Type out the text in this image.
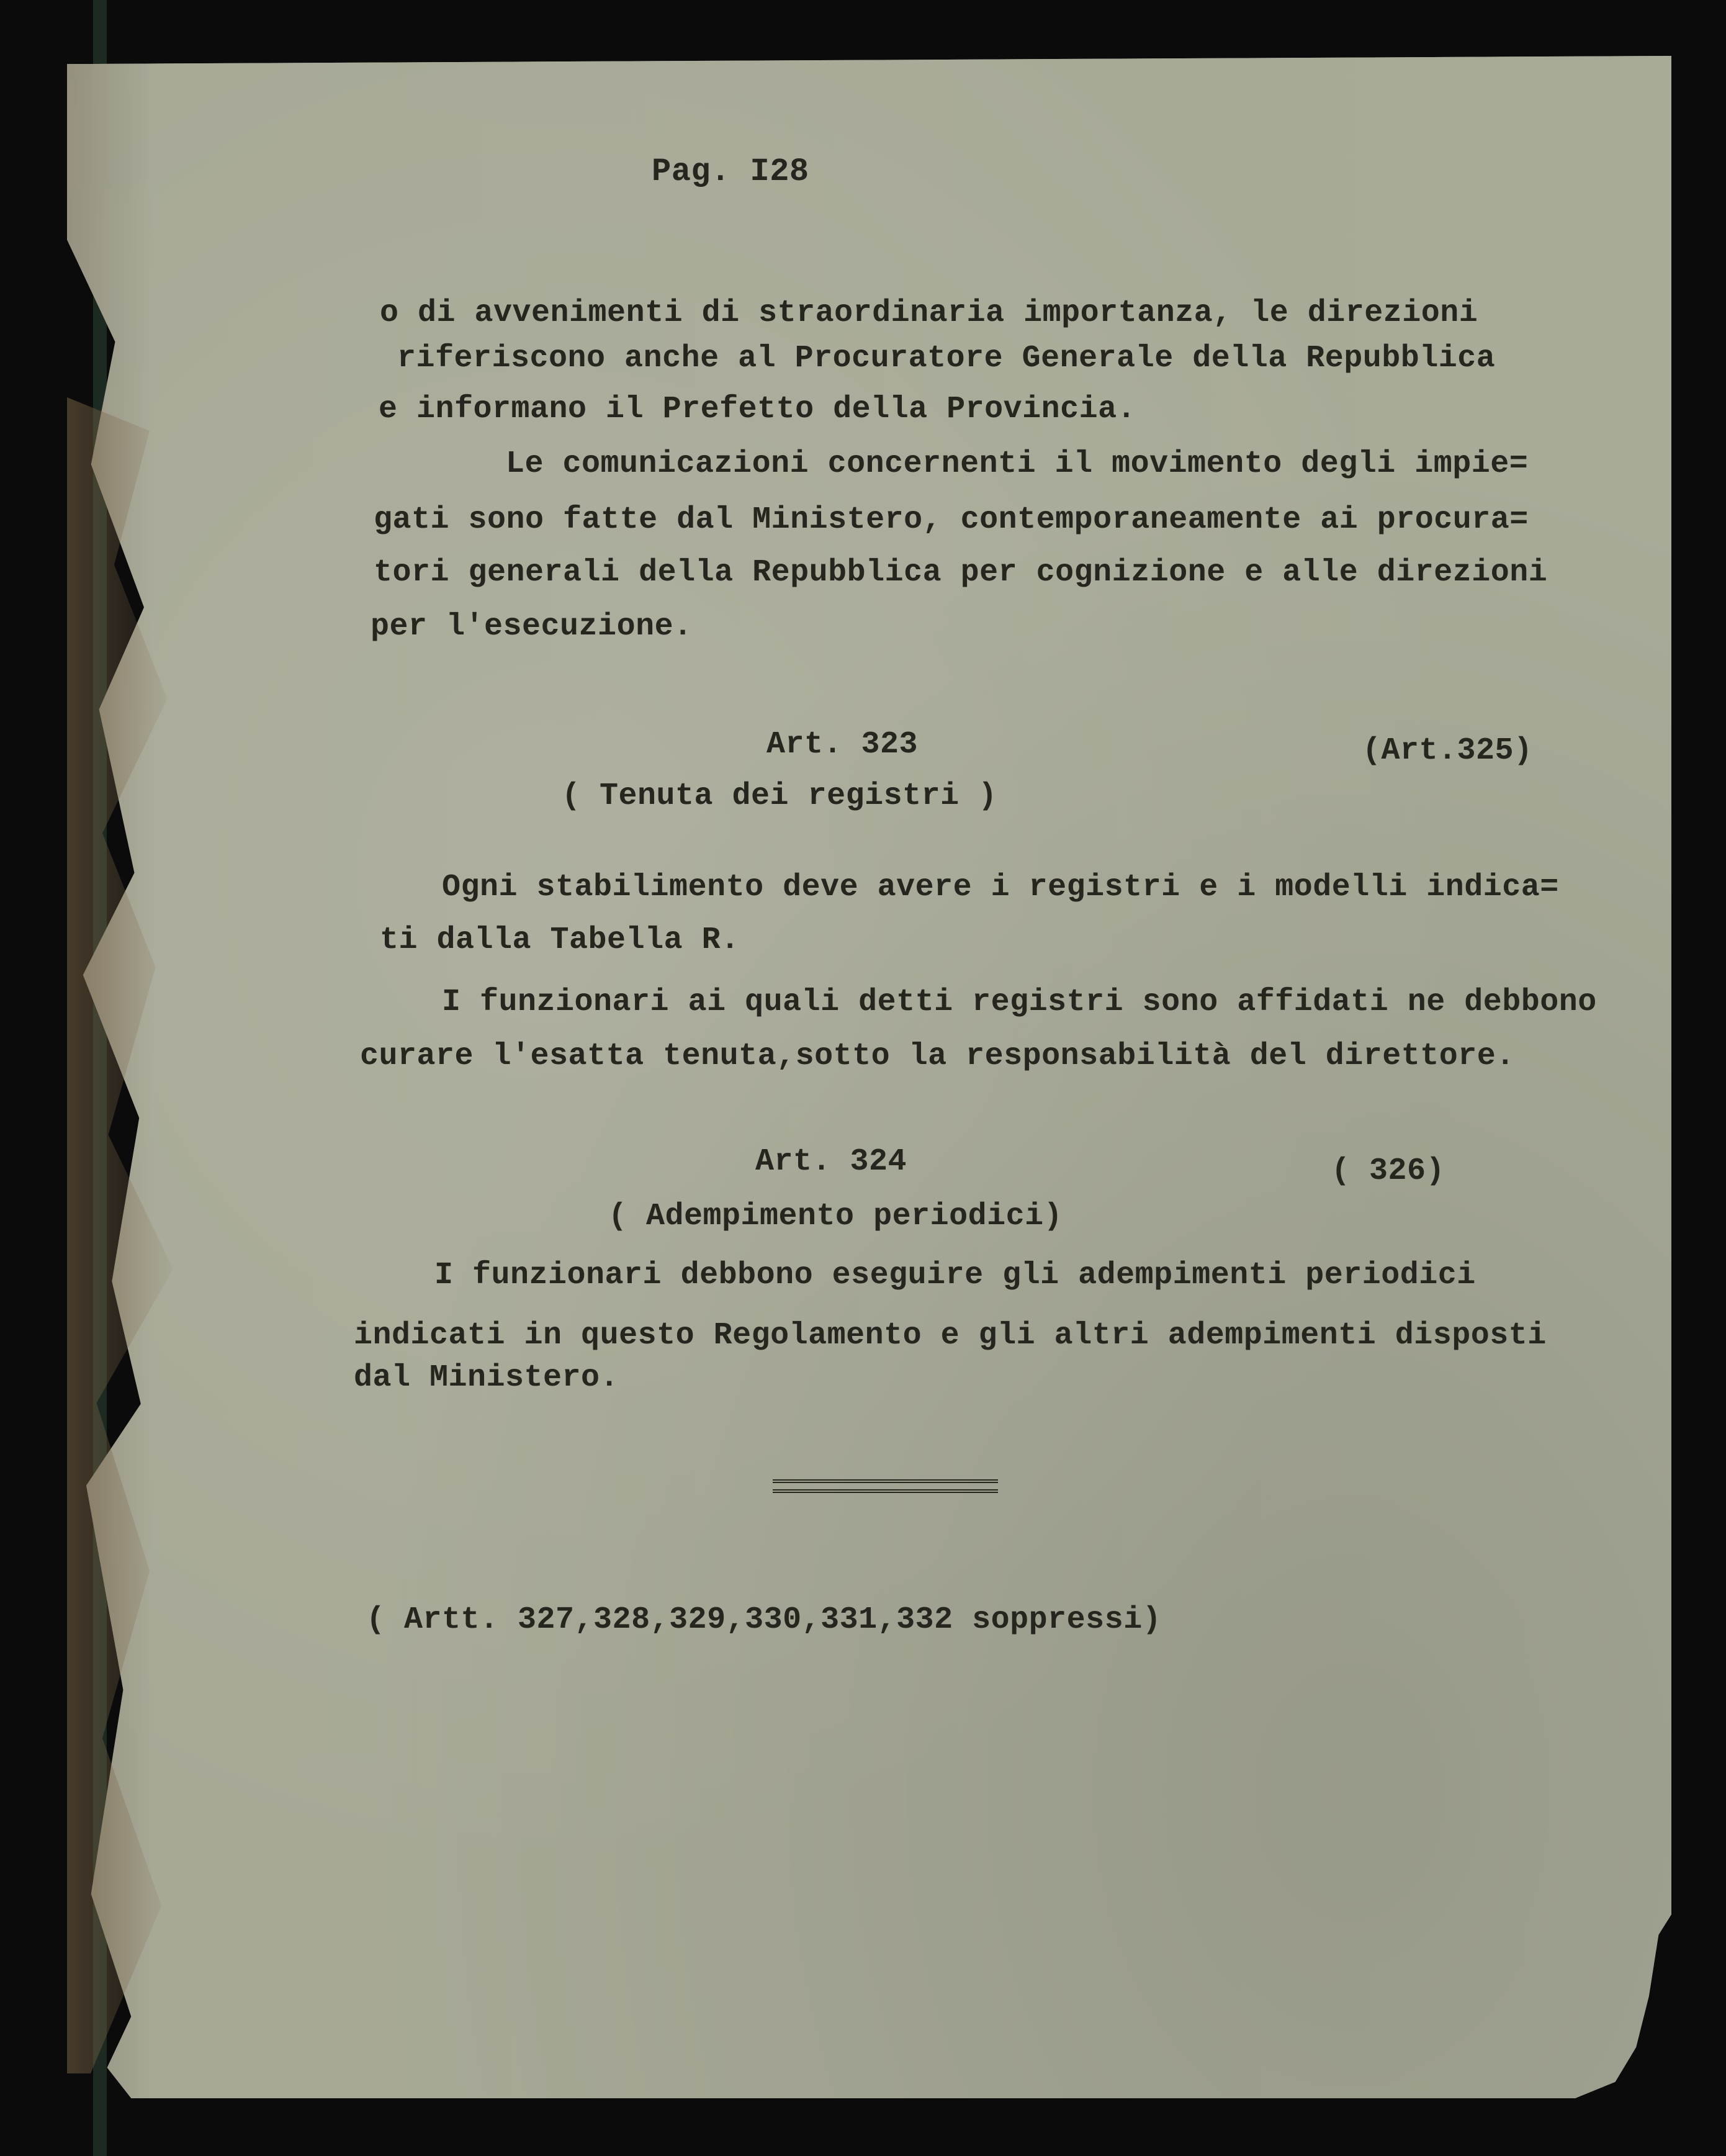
Pag. I28

o di avvenimenti di straordinaria importanza, le direzioni

riferiscono anche al Procuratore Generale della Repubblica

e informano il Prefetto della Provincia.

Le comunicazioni concernenti il movimento degli impie=

gati sono fatte dal Ministero, contemporaneamente ai procura=

tori generali della Repubblica per cognizione e alle direzioni

per l'esecuzione.

Art. 323	(Art.325)

( Tenuta dei registri )

Ogni stabilimento deve avere i registri e i modelli indica=

ti dalla Tabella R.

I funzionari ai quali detti registri sono affidati ne debbono

curare l'esatta tenuta,sotto la responsabilità del direttore.

Art. 324	( 326)

( Adempimento periodici)

I funzionari debbono eseguire gli adempimenti periodici

indicati in questo Regolamento e gli altri adempimenti disposti

dal Ministero.

( Artt. 327,328,329,330,331,332 soppressi)
